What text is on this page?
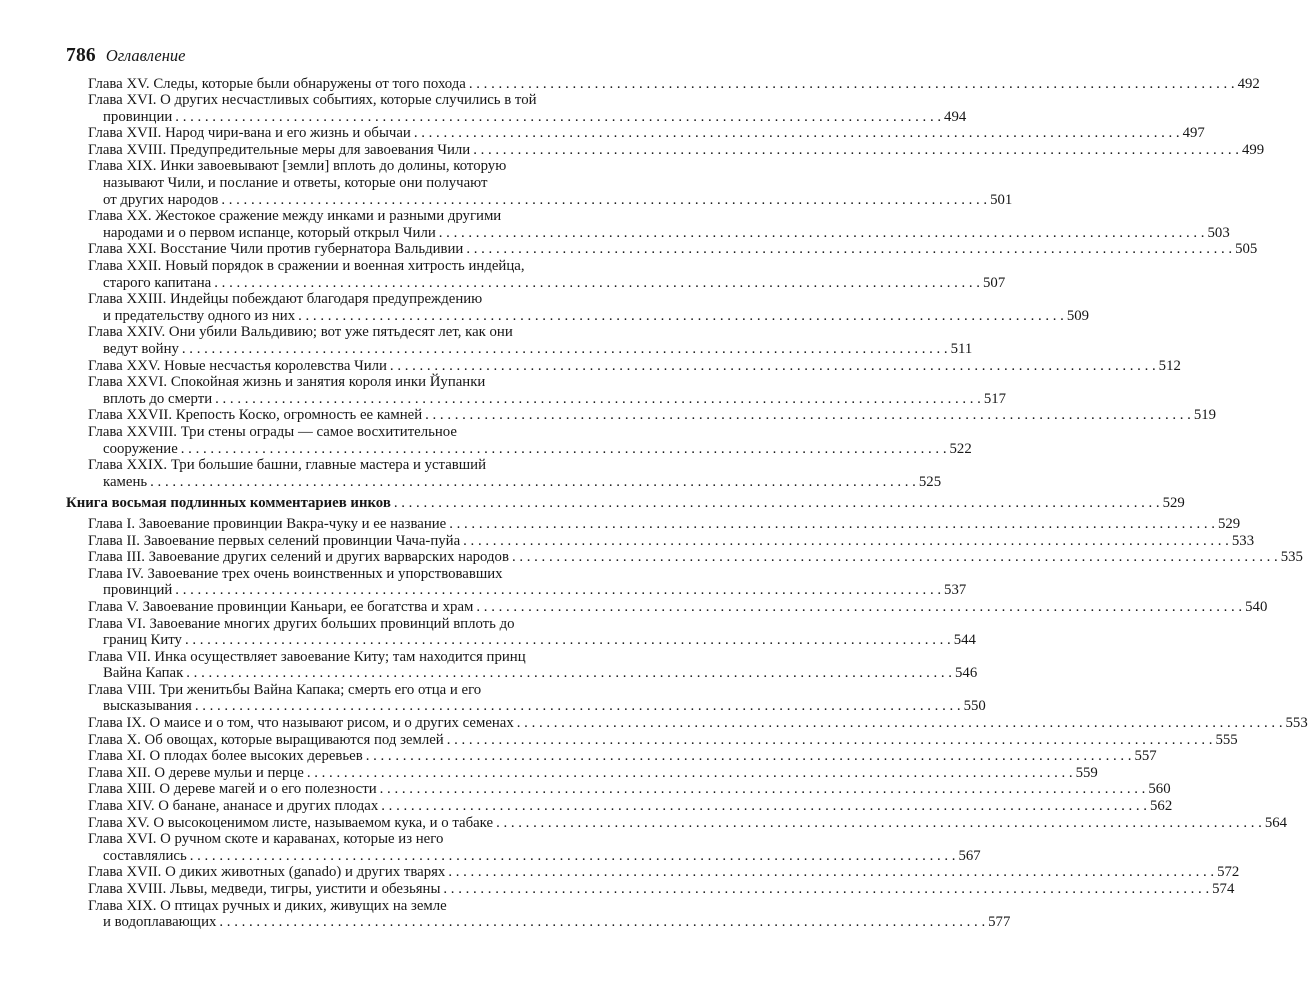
786 Оглавление
Глава XV. Следы, которые были обнаружены от того похода . . .	492
Глава XVI. О других несчастливых событиях, которые случились в той
провинции . . .	494
Глава XVII. Народ чири-вана и его жизнь и обычаи . . .	497
Глава XVIII. Предупредительные меры для завоевания Чили . . .	499
Глава XIX. Инки завоевывают [земли] вплоть до долины, которую
называют Чили, и послание и ответы, которые они получают
от других народов . . .	501
Глава XX. Жестокое сражение между инками и разными другими
народами и о первом испанце, который открыл Чили . . .	503
Глава XXI. Восстание Чили против губернатора Вальдивии . . .	505
Глава XXII. Новый порядок в сражении и военная хитрость индейца,
старого капитана . . .	507
Глава XXIII. Индейцы побеждают благодаря предупреждению
и предательству одного из них . . .	509
Глава XXIV. Они убили Вальдивию; вот уже пятьдесят лет, как они
ведут войну . . .	511
Глава XXV. Новые несчастья королевства Чили . . .	512
Глава XXVI. Спокойная жизнь и занятия короля инки Йупанки
вплоть до смерти . . .	517
Глава XXVII. Крепость Коско, огромность ее камней . . .	519
Глава XXVIII. Три стены ограды — самое восхитительное
сооружение . . .	522
Глава XXIX. Три большие башни, главные мастера и уставший
камень . . .	525
Книга восьмая подлинных комментариев инков . . .	529
Глава I. Завоевание провинции Вакра-чуку и ее название . . .	529
Глава II. Завоевание первых селений провинции Чача-пуйа . . .	533
Глава III. Завоевание других селений и других варварских народов . . .	535
Глава IV. Завоевание трех очень воинственных и упорствовавших
провинций . . .	537
Глава V. Завоевание провинции Каньари, ее богатства и храм . . .	540
Глава VI. Завоевание многих других больших провинций вплоть до
границ Киту . . .	544
Глава VII. Инка осуществляет завоевание Киту; там находится принц
Вайна Капак . . .	546
Глава VIII. Три женитьбы Вайна Капака; смерть его отца и его
высказывания . . .	550
Глава IX. О маисе и о том, что называют рисом, и о других семенах . . .	553
Глава X. Об овощах, которые выращиваются под землей . . .	555
Глава XI. О плодах более высоких деревьев . . .	557
Глава XII. О дереве мульи и перце . . .	559
Глава XIII. О дереве магей и о его полезности . . .	560
Глава XIV. О банане, ананасе и других плодах . . .	562
Глава XV. О высокоценимом листе, называемом кука, и о табаке . . .	564
Глава XVI. О ручном скоте и караванах, которые из него
составлялись . . .	567
Глава XVII. О диких животных (ganado) и других тварях . . .	572
Глава XVIII. Львы, медведи, тигры, уистити и обезьяны . . .	574
Глава XIX. О птицах ручных и диких, живущих на земле
и водоплавающих . . .	577
